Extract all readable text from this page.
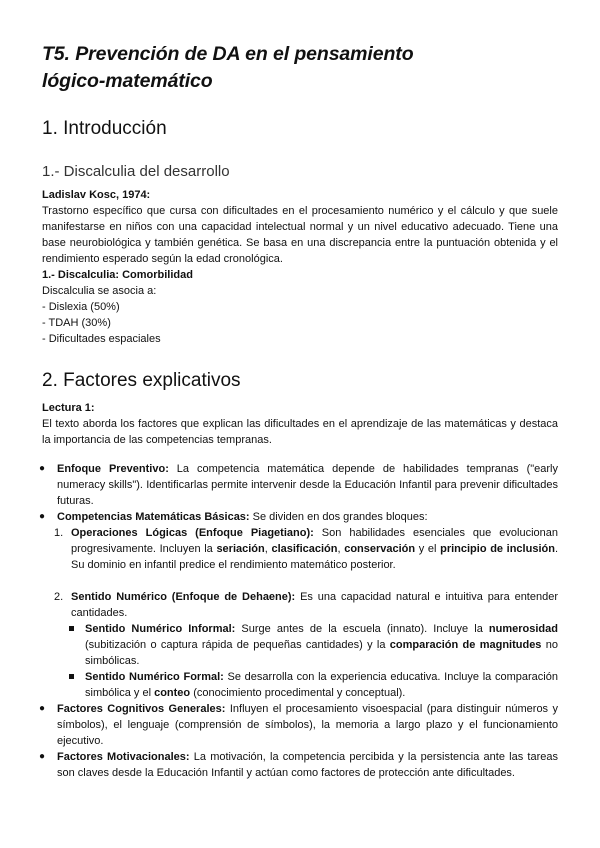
T5. Prevención de DA en el pensamiento
lógico-matemático
1. Introducción
1.- Discalculia del desarrollo
Ladislav Kosc, 1974:
Trastorno específico que cursa con dificultades en el procesamiento numérico y el cálculo y que suele manifestarse en niños con una capacidad intelectual normal y un nivel educativo adecuado. Tiene una base neurobiológica y también genética. Se basa en una discrepancia entre la puntuación obtenida y el rendimiento esperado según la edad cronológica.
1.- Discalculia: Comorbilidad
Discalculia se asocia a:
- Dislexia (50%)
- TDAH (30%)
- Dificultades espaciales
2. Factores explicativos
Lectura 1:
El texto aborda los factores que explican las dificultades en el aprendizaje de las matemáticas y destaca la importancia de las competencias tempranas.
● Enfoque Preventivo: La competencia matemática depende de habilidades tempranas ("early numeracy skills"). Identificarlas permite intervenir desde la Educación Infantil para prevenir dificultades futuras.
● Competencias Matemáticas Básicas: Se dividen en dos grandes bloques:
1. Operaciones Lógicas (Enfoque Piagetiano): Son habilidades esenciales que evolucionan progresivamente. Incluyen la seriación, clasificación, conservación y el principio de inclusión. Su dominio en infantil predice el rendimiento matemático posterior.
2. Sentido Numérico (Enfoque de Dehaene): Es una capacidad natural e intuitiva para entender cantidades.
Sentido Numérico Informal: Surge antes de la escuela (innato). Incluye la numerosidad (subitización o captura rápida de pequeñas cantidades) y la comparación de magnitudes no simbólicas.
Sentido Numérico Formal: Se desarrolla con la experiencia educativa. Incluye la comparación simbólica y el conteo (conocimiento procedimental y conceptual).
● Factores Cognitivos Generales: Influyen el procesamiento visoespacial (para distinguir números y símbolos), el lenguaje (comprensión de símbolos), la memoria a largo plazo y el funcionamiento ejecutivo.
● Factores Motivacionales: La motivación, la competencia percibida y la persistencia ante las tareas son claves desde la Educación Infantil y actúan como factores de protección ante dificultades.
